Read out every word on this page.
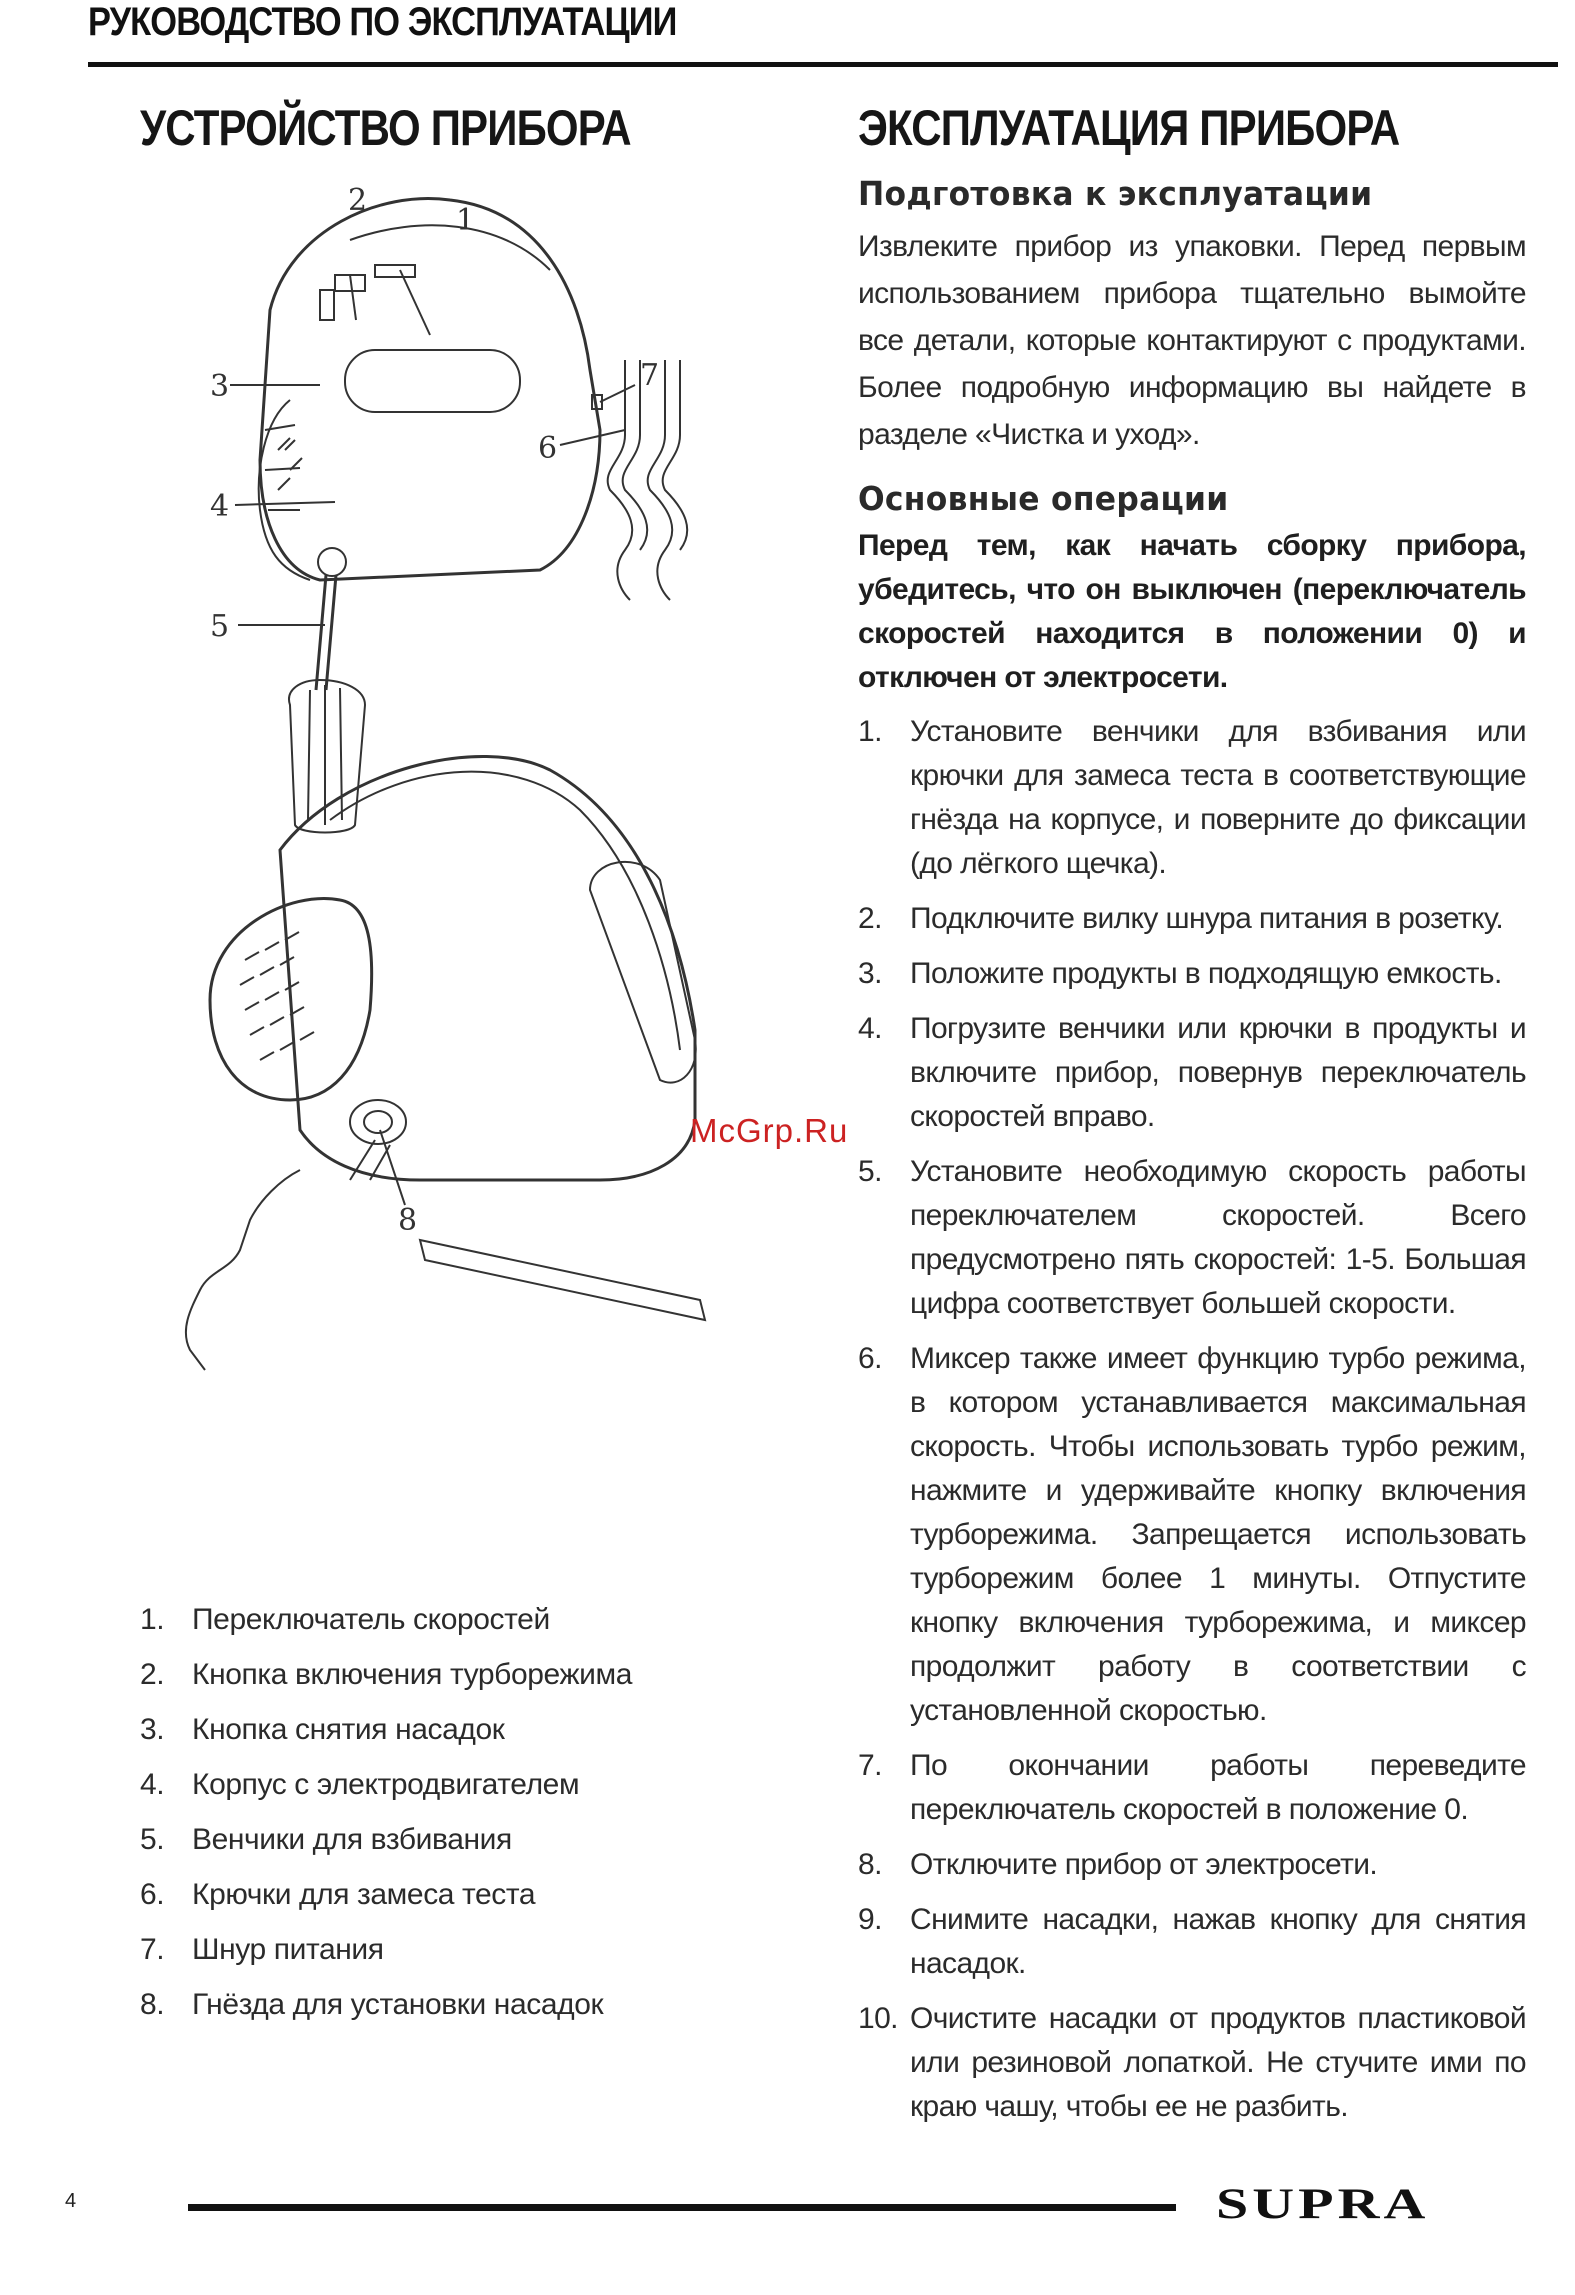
РУКОВОДСТВО ПО ЭКСПЛУАТАЦИИ
УСТРОЙСТВО ПРИБОРА
3
2
1
4
5
7
6
8
1. Переключатель скоростей
2. Кнопка включения турборежима
3. Кнопка снятия насадок
4. Корпус с электродвигателем
5. Венчики для взбивания
6. Крючки для замеса теста
7. Шнур питания
8. Гнёзда для установки насадок
ЭКСПЛУАТАЦИЯ ПРИБОРА
Подготовка к эксплуатации

Извлеките прибор из упаковки. Перед первым использованием прибора тщательно вымойте все детали, которые контактируют с продуктами. Более подробную информацию вы найдете в разделе «Чистка и уход».

Основные операции

Перед тем, как начать сборку прибора, убедитесь, что он выключен (переключатель скоростей находится в положении 0) и отключен от электросети.

1. Установите венчики для взбивания или крючки для замеса теста в соответствующие гнёзда на корпусе, и поверните до фиксации (до лёгкого щечка).
2. Подключите вилку шнура питания в розетку.
3. Положите продукты в подходящую емкость.
4. Погрузите венчики или крючки в продукты и включите прибор, повернув переключатель скоростей вправо.
5. Установите необходимую скорость работы переключателем скоростей. Всего предусмотрено пять скоростей: 1-5. Большая цифра соответствует большей скорости.
6. Миксер также имеет функцию турбо режима, в котором устанавливается максимальная скорость. Чтобы использовать турбо режим, нажмите и удерживайте кнопку включения турборежима. Запрещается использовать турборежим более 1 минуты. Отпустите кнопку включения турборежима, и миксер продолжит работу в соответствии с установленной скоростью.
7. По окончании работы переведите переключатель скоростей в положение 0.
8. Отключите прибор от электросети.
9. Снимите насадки, нажав кнопку для снятия насадок.
10. Очистите насадки от продуктов пластиковой или резиновой лопаткой. Не стучите ими по краю чашу, чтобы ее не разбить.
McGrp.Ru
4	SUPRA
